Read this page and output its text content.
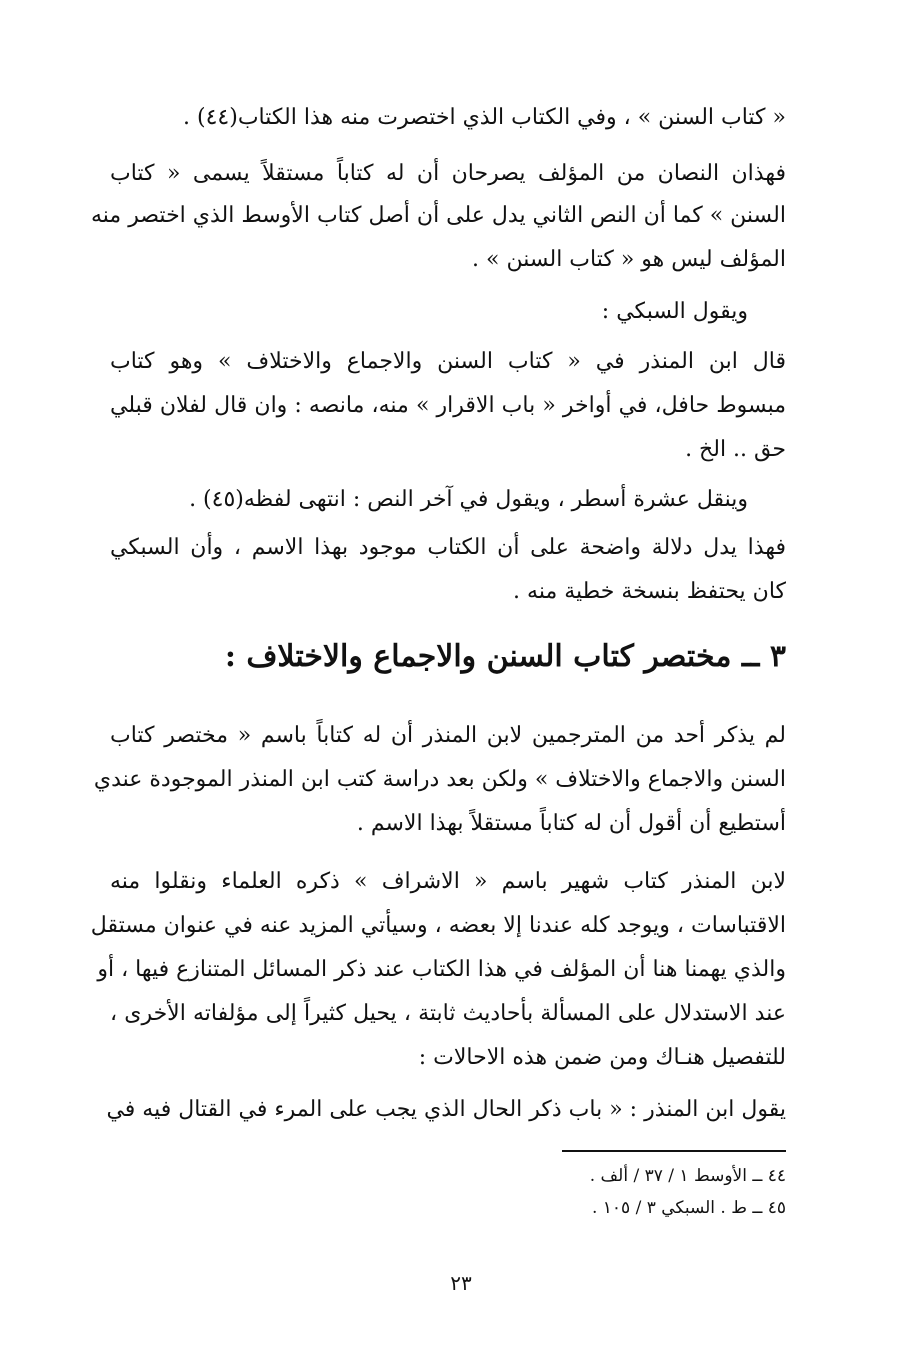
« كتاب السنن » ، وفي الكتاب الذي اختصرت منه هذا الكتاب(٤٤) .
فهذان النصان من المؤلف يصرحان أن له كتاباً مستقلاً يسمى « كتاب
السنن » كما أن النص الثاني يدل على أن أصل كتاب الأوسط الذي اختصر منه
المؤلف ليس هو « كتاب السنن » .
ويقول السبكي :
قال ابن المنذر في « كتاب السنن والاجماع والاختلاف » وهو كتاب
مبسوط حافل، في أواخر « باب الاقرار » منه، مانصه : وان قال لفلان قبلي
حق .. الخ .
وينقل عشرة أسطر ، ويقول في آخر النص : انتهى لفظه(٤٥) .
فهذا يدل دلالة واضحة على أن الكتاب موجود بهذا الاسم ، وأن السبكي
كان يحتفظ بنسخة خطية منه .
٣ ــ مختصر كتاب السنن والاجماع والاختلاف :
لم يذكر أحد من المترجمين لابن المنذر أن له كتاباً باسم « مختصر كتاب
السنن والاجماع والاختلاف » ولكن بعد دراسة كتب ابن المنذر الموجودة عندي
أستطيع أن أقول أن له كتاباً مستقلاً بهذا الاسم .
لابن المنذر كتاب شهير باسم « الاشراف » ذكره العلماء ونقلوا منه
الاقتباسات ، ويوجد كله عندنا إلا بعضه ، وسيأتي المزيد عنه في عنوان مستقل
والذي يهمنا هنا أن المؤلف في هذا الكتاب عند ذكر المسائل المتنازع فيها ، أو
عند الاستدلال على المسألة بأحاديث ثابتة ، يحيل كثيراً إلى مؤلفاته الأخرى ،
للتفصيل هنـاك ومن ضمن هذه الاحالات :
يقول ابن المنذر : « باب ذكر الحال الذي يجب على المرء في القتال فيه في
٤٤ ــ الأوسط ١ / ٣٧ / ألف .
٤٥ ــ ط . السبكي ٣ / ١٠٥ .
٢٣
